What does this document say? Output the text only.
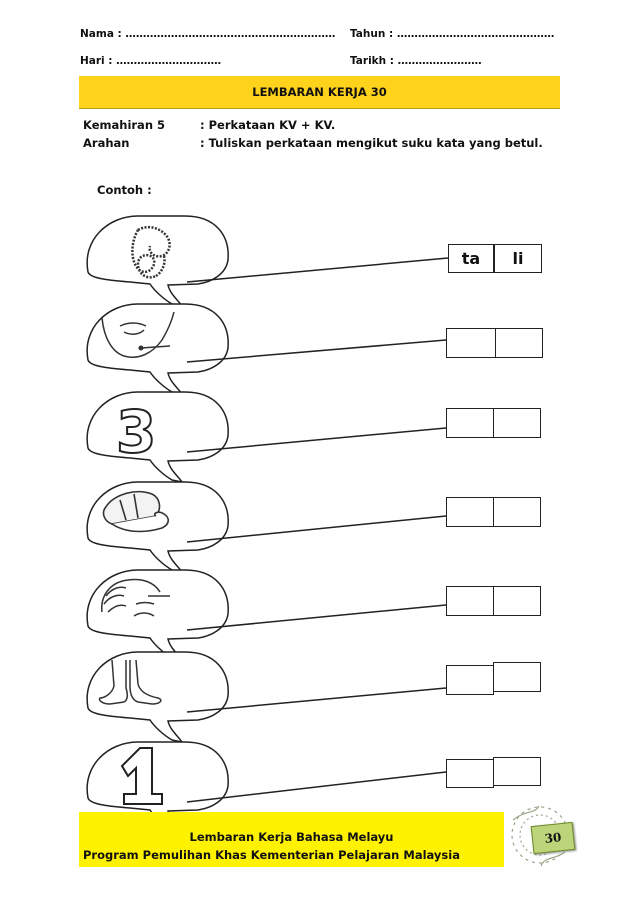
Nama : …………………………………………………… Tahun : ………………………………………
Hari : …………………………	Tarikh : ……………………
LEMBARAN KERJA 30
Kemahiran 5	: Perkataan KV + KV.
Arahan	: Tuliskan perkataan mengikut suku kata yang betul.
Contoh :
3
ta	li
Lembaran Kerja Bahasa Melayu
Program Pemulihan Khas Kementerian Pelajaran Malaysia
30
